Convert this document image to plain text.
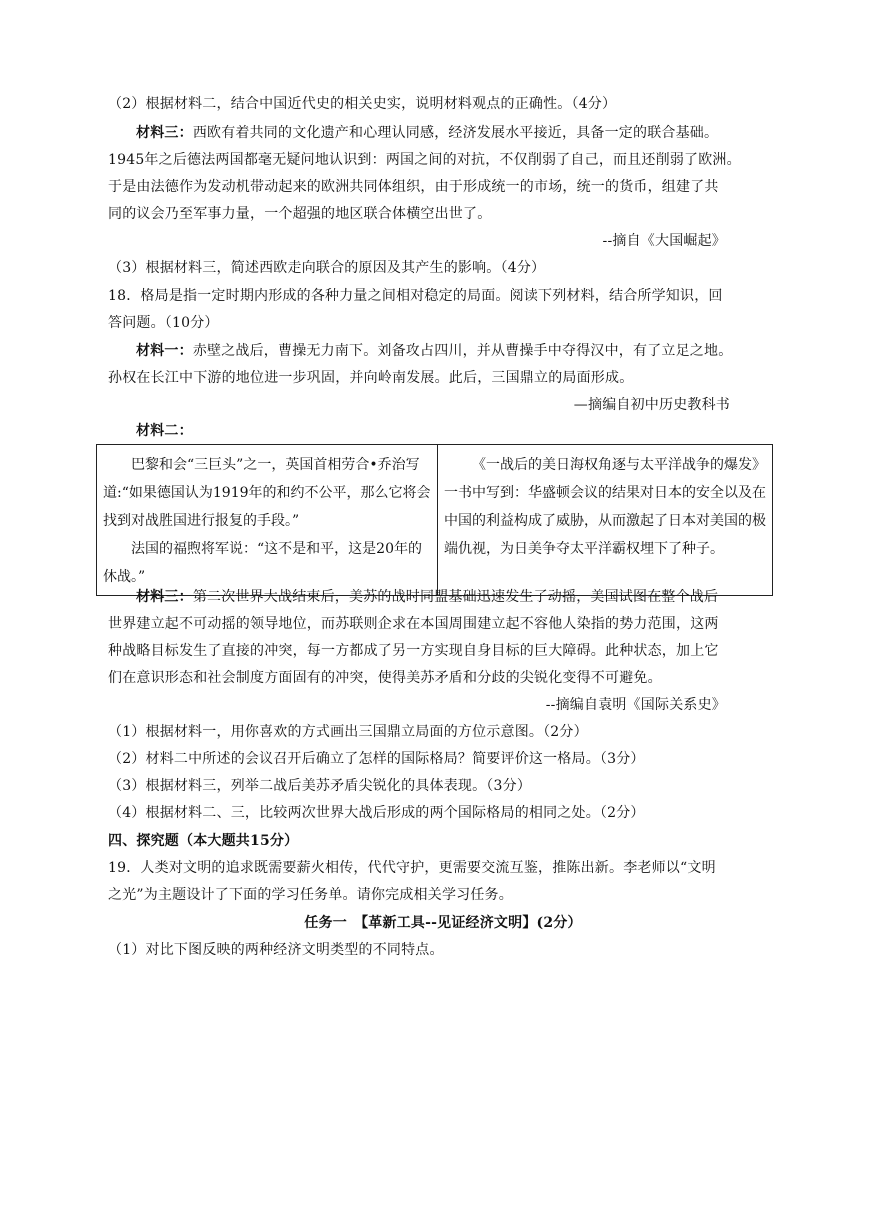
（2）根据材料二，结合中国近代史的相关史实，说明材料观点的正确性。（4分）
材料三：西欧有着共同的文化遗产和心理认同感，经济发展水平接近，具备一定的联合基础。
1945年之后德法两国都毫无疑问地认识到：两国之间的对抗，不仅削弱了自己，而且还削弱了欧洲。
于是由法德作为发动机带动起来的欧洲共同体组织，由于形成统一的市场，统一的货币，组建了共
同的议会乃至军事力量，一个超强的地区联合体横空出世了。
--摘自《大国崛起》
（3）根据材料三，简述西欧走向联合的原因及其产生的影响。（4分）
18．格局是指一定时期内形成的各种力量之间相对稳定的局面。阅读下列材料，结合所学知识，回
答问题。（10分）
材料一：赤壁之战后，曹操无力南下。刘备攻占四川，并从曹操手中夺得汉中，有了立足之地。
孙权在长江中下游的地位进一步巩固，并向岭南发展。此后，三国鼎立的局面形成。
—摘编自初中历史教科书
材料二：

巴黎和会“三巨头”之一，英国首相劳合•乔治写道:“如果德国认为1919年的和约不公平，那么它将会找到对战胜国进行报复的手段。”

法国的福煦将军说：“这不是和平，这是20年的休战。”

《一战后的美日海权角逐与太平洋战争的爆发》一书中写到：华盛顿会议的结果对日本的安全以及在中国的利益构成了威胁，从而激起了日本对美国的极端仇视，为日美争夺太平洋霸权埋下了种子。

材料三：第二次世界大战结束后，美苏的战时同盟基础迅速发生了动摇，美国试图在整个战后
世界建立起不可动摇的领导地位，而苏联则企求在本国周围建立起不容他人染指的势力范围，这两
种战略目标发生了直接的冲突，每一方都成了另一方实现自身目标的巨大障碍。此种状态，加上它
们在意识形态和社会制度方面固有的冲突，使得美苏矛盾和分歧的尖锐化变得不可避免。
--摘编自袁明《国际关系史》
（1）根据材料一，用你喜欢的方式画出三国鼎立局面的方位示意图。（2分）
（2）材料二中所述的会议召开后确立了怎样的国际格局？简要评价这一格局。（3分）
（3）根据材料三，列举二战后美苏矛盾尖锐化的具体表现。（3分）
（4）根据材料二、三，比较两次世界大战后形成的两个国际格局的相同之处。（2分）
四、探究题（本大题共15分）
19．人类对文明的追求既需要薪火相传，代代守护，更需要交流互鉴，推陈出新。李老师以“文明
之光”为主题设计了下面的学习任务单。请你完成相关学习任务。
任务一　【革新工具--见证经济文明】(2分）
（1）对比下图反映的两种经济文明类型的不同特点。
